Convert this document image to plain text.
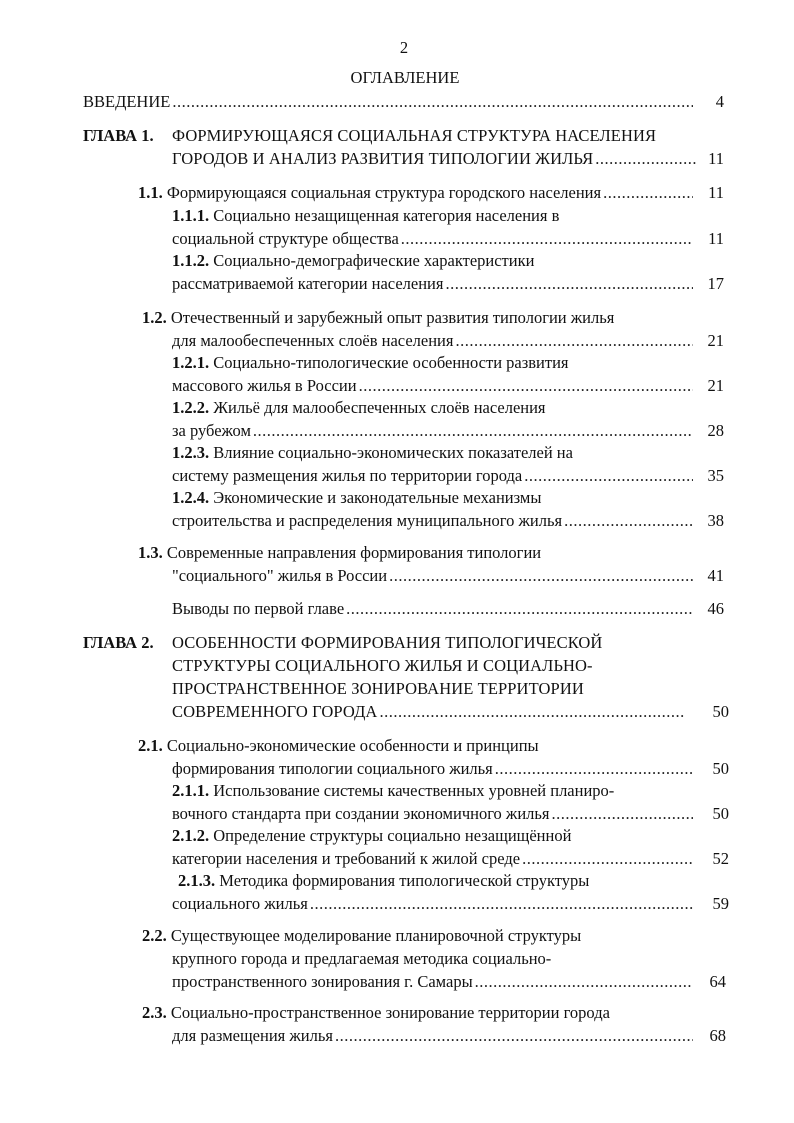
2
ОГЛАВЛЕНИЕ
ВВЕДЕНИЕ .....	4
ГЛАВА 1. ФОРМИРУЮЩАЯСЯ СОЦИАЛЬНАЯ СТРУКТУРА НАСЕЛЕНИЯ
ГОРОДОВ И АНАЛИЗ РАЗВИТИЯ ТИПОЛОГИИ ЖИЛЬЯ .....	11
1.1. Формирующаяся социальная структура городского населения .....	11
1.1.1. Социально незащищенная категория населения в
социальной структуре общества .....	11
1.1.2. Социально-демографические характеристики
рассматриваемой категории населения .....	17
1.2. Отечественный и зарубежный опыт развития типологии жилья
для малообеспеченных слоёв населения .....	21
1.2.1. Социально-типологические особенности развития
массового жилья в России .....	21
1.2.2. Жильё для малообеспеченных слоёв населения
за рубежом .....	28
1.2.3. Влияние социально-экономических показателей на
систему размещения жилья по территории города .....	35
1.2.4. Экономические и законодательные механизмы
строительства и распределения муниципального жилья .....	38
1.3. Современные направления формирования типологии
"социального" жилья в России .....	41
Выводы по первой главе .....	46
ГЛАВА 2. ОСОБЕННОСТИ ФОРМИРОВАНИЯ ТИПОЛОГИЧЕСКОЙ
СТРУКТУРЫ СОЦИАЛЬНОГО ЖИЛЬЯ И СОЦИАЛЬНО-
ПРОСТРАНСТВЕННОЕ ЗОНИРОВАНИЕ ТЕРРИТОРИИ
СОВРЕМЕННОГО ГОРОДА .....	50
2.1. Социально-экономические особенности и принципы
формирования типологии социального жилья .....	50
2.1.1. Использование системы качественных уровней планиро-
вочного стандарта при создании экономичного жилья .....	50
2.1.2. Определение структуры социально незащищённой
категории населения и требований к жилой среде .....	52
2.1.3. Методика формирования типологической структуры
социального жилья .....	59
2.2. Существующее моделирование планировочной структуры
крупного города и предлагаемая методика социально-
пространственного зонирования г. Самары .....	64
2.3. Социально-пространственное зонирование территории города
для размещения жилья .....	68
